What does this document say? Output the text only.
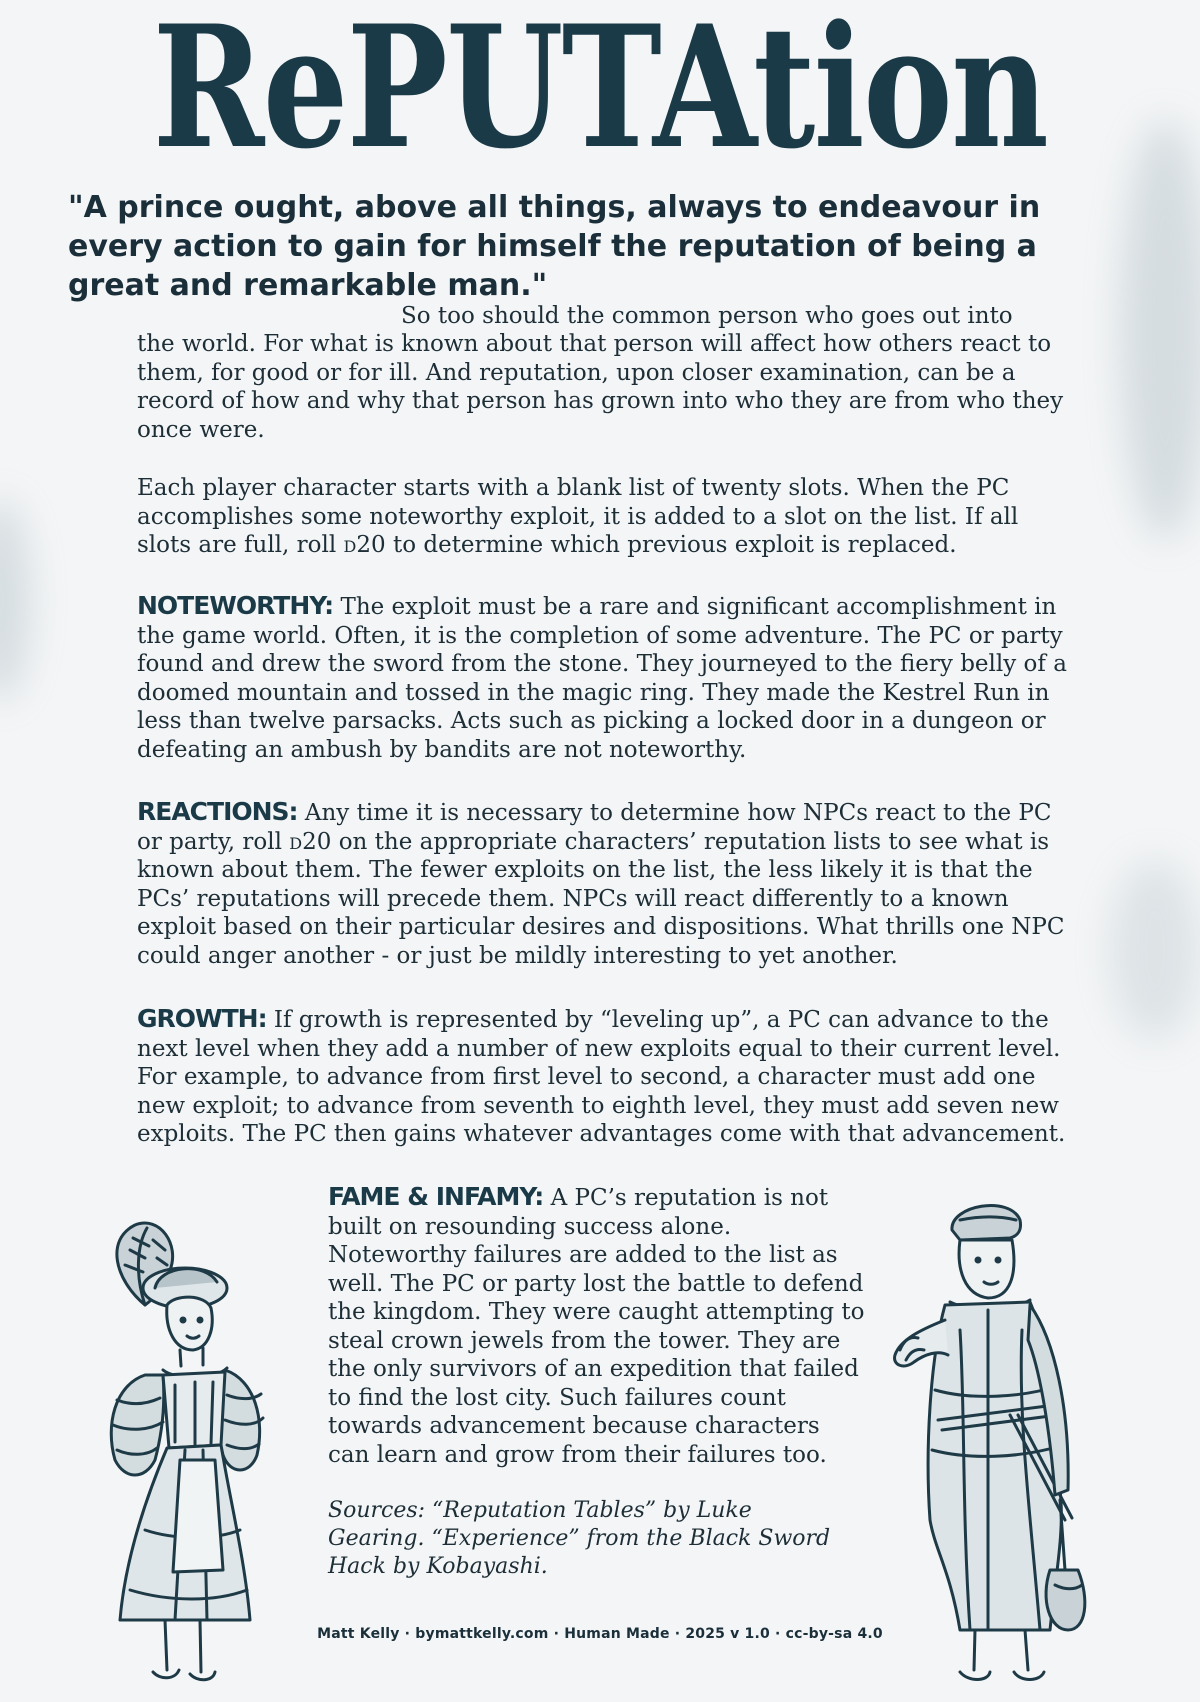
RePUTAtion
"A prince ought, above all things, always to endeavour in every action to gain for himself the reputation of being a great and remarkable man."
So too should the common person who goes out into

the world. For what is known about that person will affect how others react to them, for good or for ill. And reputation, upon closer examination, can be a record of how and why that person has grown into who they are from who they once were.

Each player character starts with a blank list of twenty slots. When the PC accomplishes some noteworthy exploit, it is added to a slot on the list. If all slots are full, roll d20 to determine which previous exploit is replaced.

NOTEWORTHY: The exploit must be a rare and significant accomplishment in the game world. Often, it is the completion of some adventure. The PC or party found and drew the sword from the stone. They journeyed to the fiery belly of a doomed mountain and tossed in the magic ring. They made the Kestrel Run in less than twelve parsacks. Acts such as picking a locked door in a dungeon or defeating an ambush by bandits are not noteworthy.

REACTIONS: Any time it is necessary to determine how NPCs react to the PC or party, roll d20 on the appropriate characters’ reputation lists to see what is known about them. The fewer exploits on the list, the less likely it is that the PCs’ reputations will precede them. NPCs will react differently to a known exploit based on their particular desires and dispositions. What thrills one NPC could anger another - or just be mildly interesting to yet another.

GROWTH: If growth is represented by “leveling up”, a PC can advance to the next level when they add a number of new exploits equal to their current level. For example, to advance from first level to second, a character must add one new exploit; to advance from seventh to eighth level, they must add seven new exploits. The PC then gains whatever advantages come with that advancement.

FAME & INFAMY: A PC’s reputation is not built on resounding success alone. Noteworthy failures are added to the list as well. The PC or party lost the battle to defend the kingdom. They were caught attempting to steal crown jewels from the tower. They are the only survivors of an expedition that failed to find the lost city. Such failures count towards advancement because characters can learn and grow from their failures too.

Sources: “Reputation Tables” by Luke Gearing. “Experience” from the Black Sword Hack by Kobayashi.

Matt Kelly · bymattkelly.com · Human Made · 2025 v 1.0 · cc-by-sa 4.0
